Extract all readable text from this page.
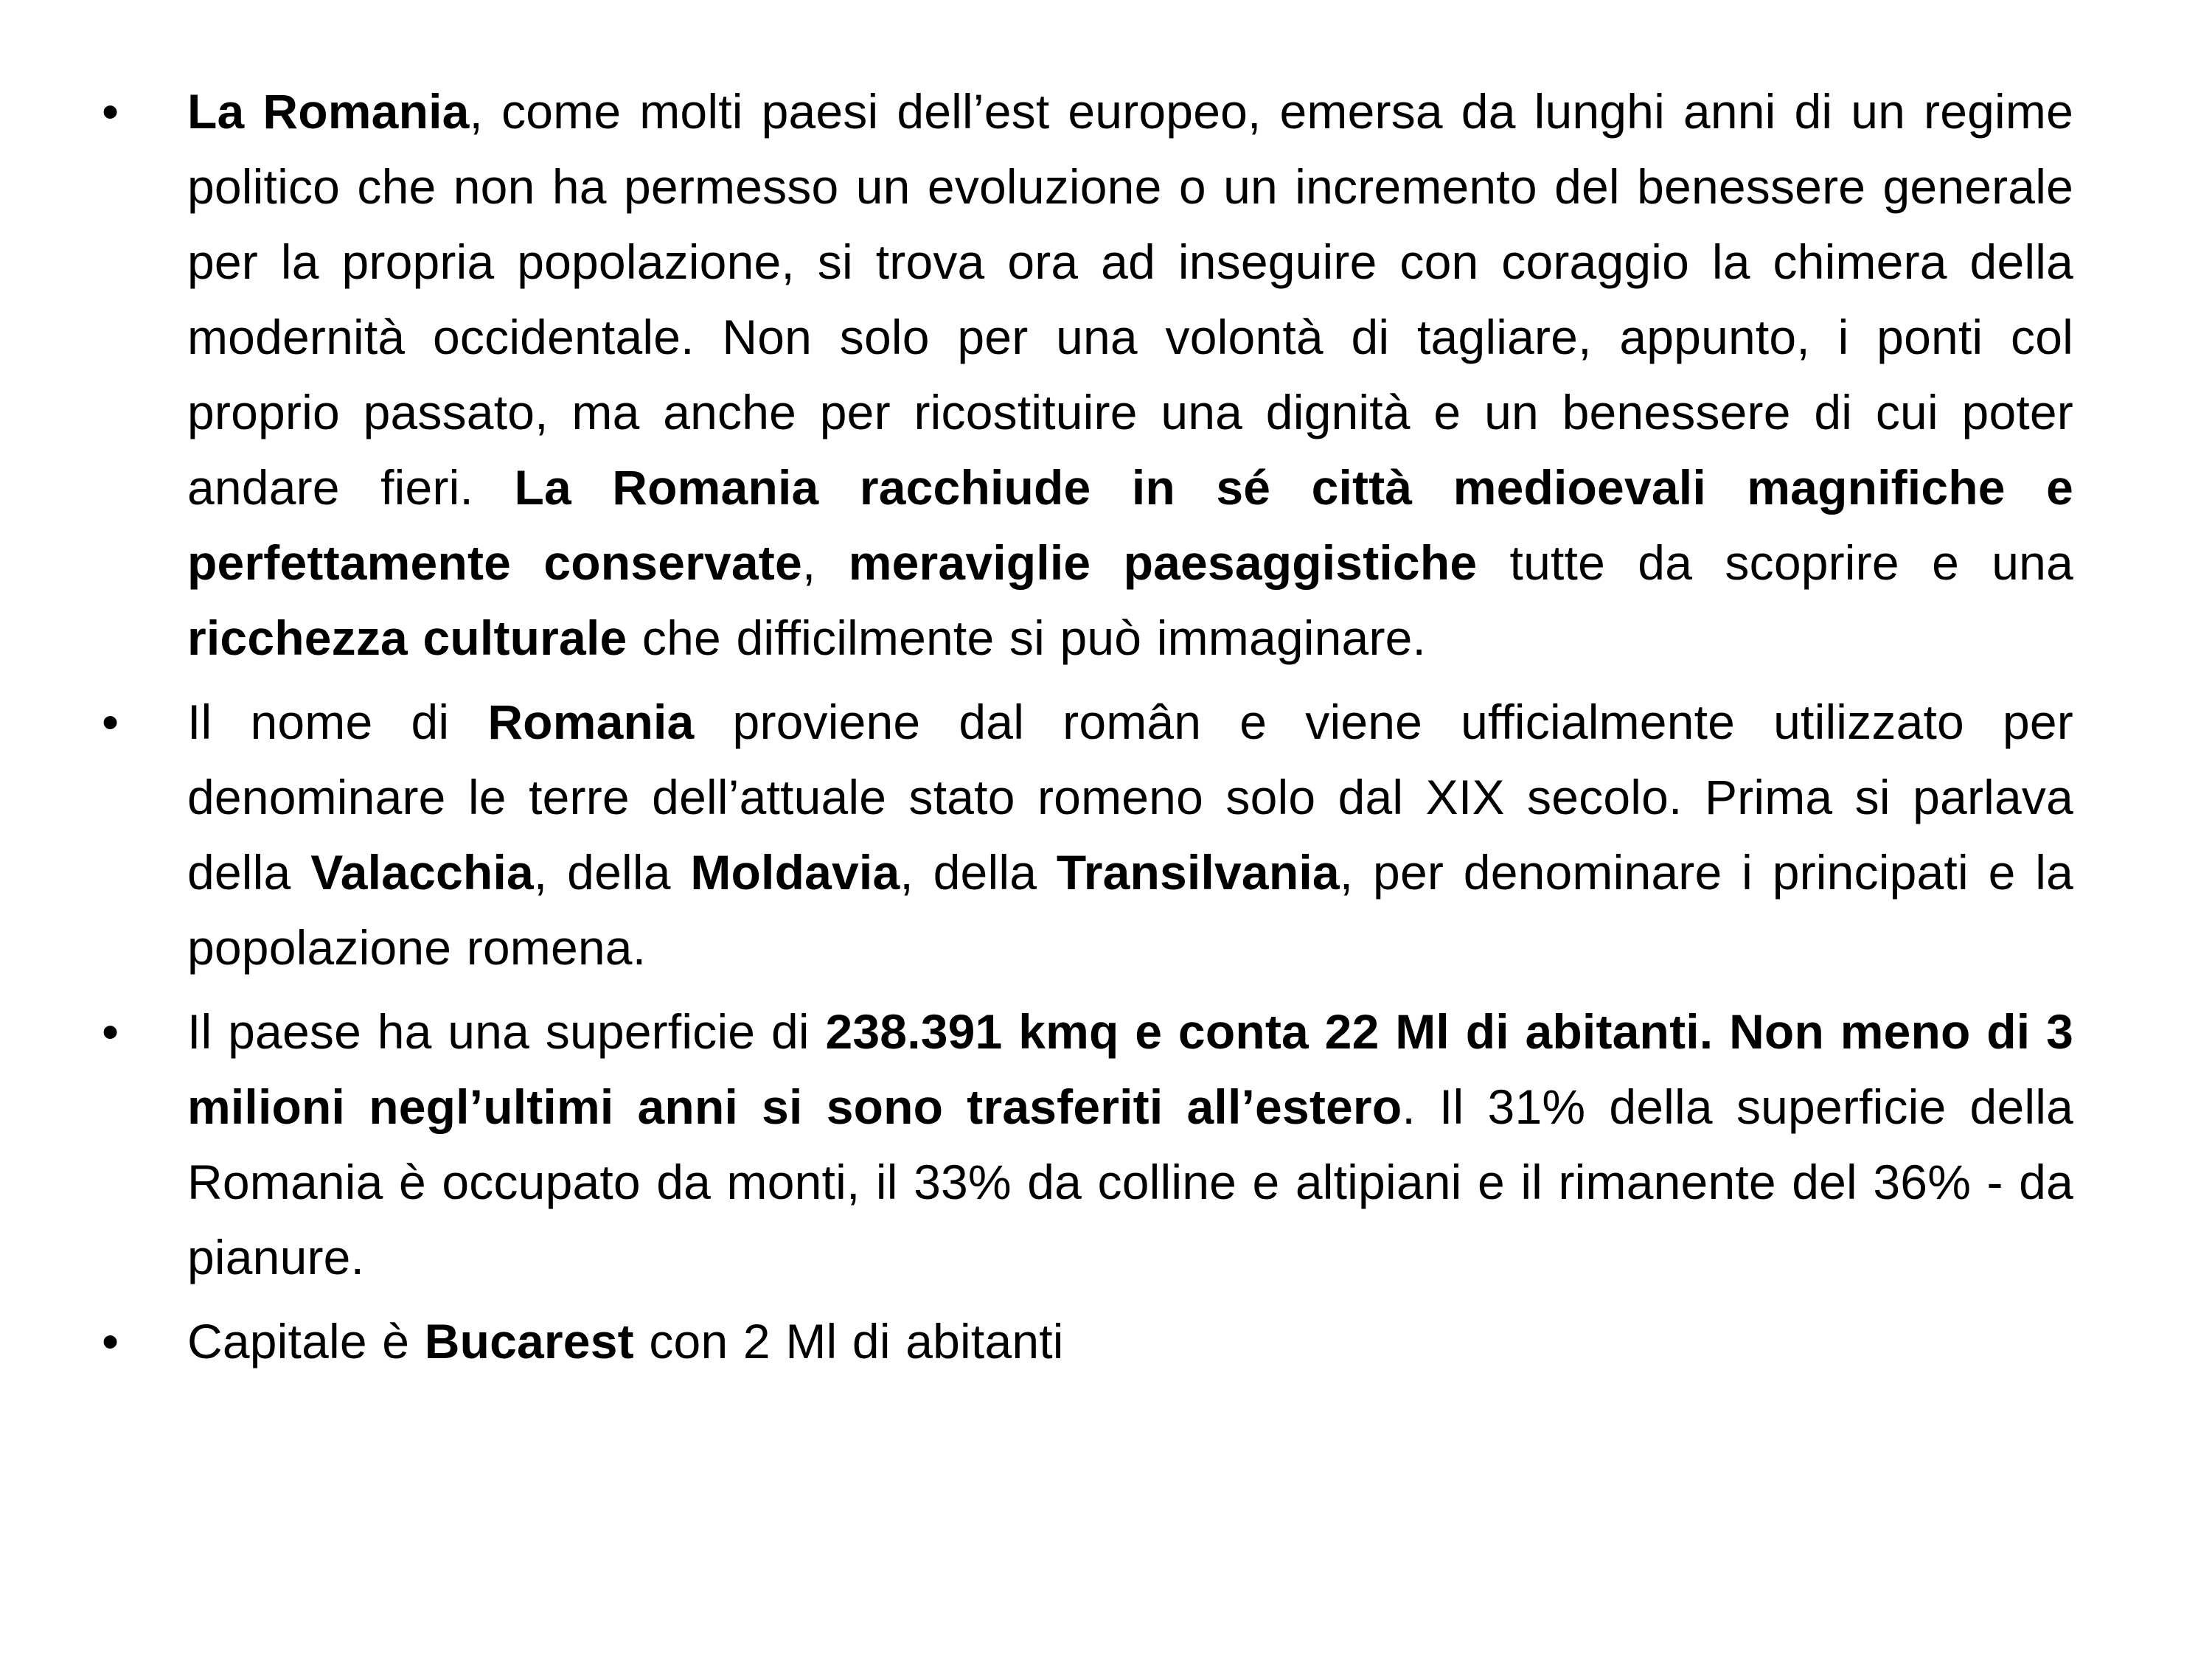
• La Romania, come molti paesi dell’est europeo, emersa da lunghi anni di un regime politico che non ha permesso un evoluzione o un incremento del benessere generale per la propria popolazione, si trova ora ad inseguire con coraggio la chimera della modernità occidentale. Non solo per una volontà di tagliare, appunto, i ponti col proprio passato, ma anche per ricostituire una dignità e un benessere di cui poter andare fieri. La Romania racchiude in sé città medioevali magnifiche e perfettamente conservate, meraviglie paesaggistiche tutte da scoprire e una ricchezza culturale che difficilmente si può immaginare.
• Il nome di Romania proviene dal român e viene ufficialmente utilizzato per denominare le terre dell’attuale stato romeno solo dal XIX secolo. Prima si parlava della Valacchia, della Moldavia, della Transilvania, per denominare i principati e la popolazione romena.
• Il paese ha una superficie di 238.391 kmq e conta 22 Ml di abitanti. Non meno di 3 milioni negl’ultimi anni si sono trasferiti all’estero. Il 31% della superficie della Romania è occupato da monti, il 33% da colline e altipiani e il rimanente del 36% - da pianure.
• Capitale è Bucarest con 2 Ml di abitanti
